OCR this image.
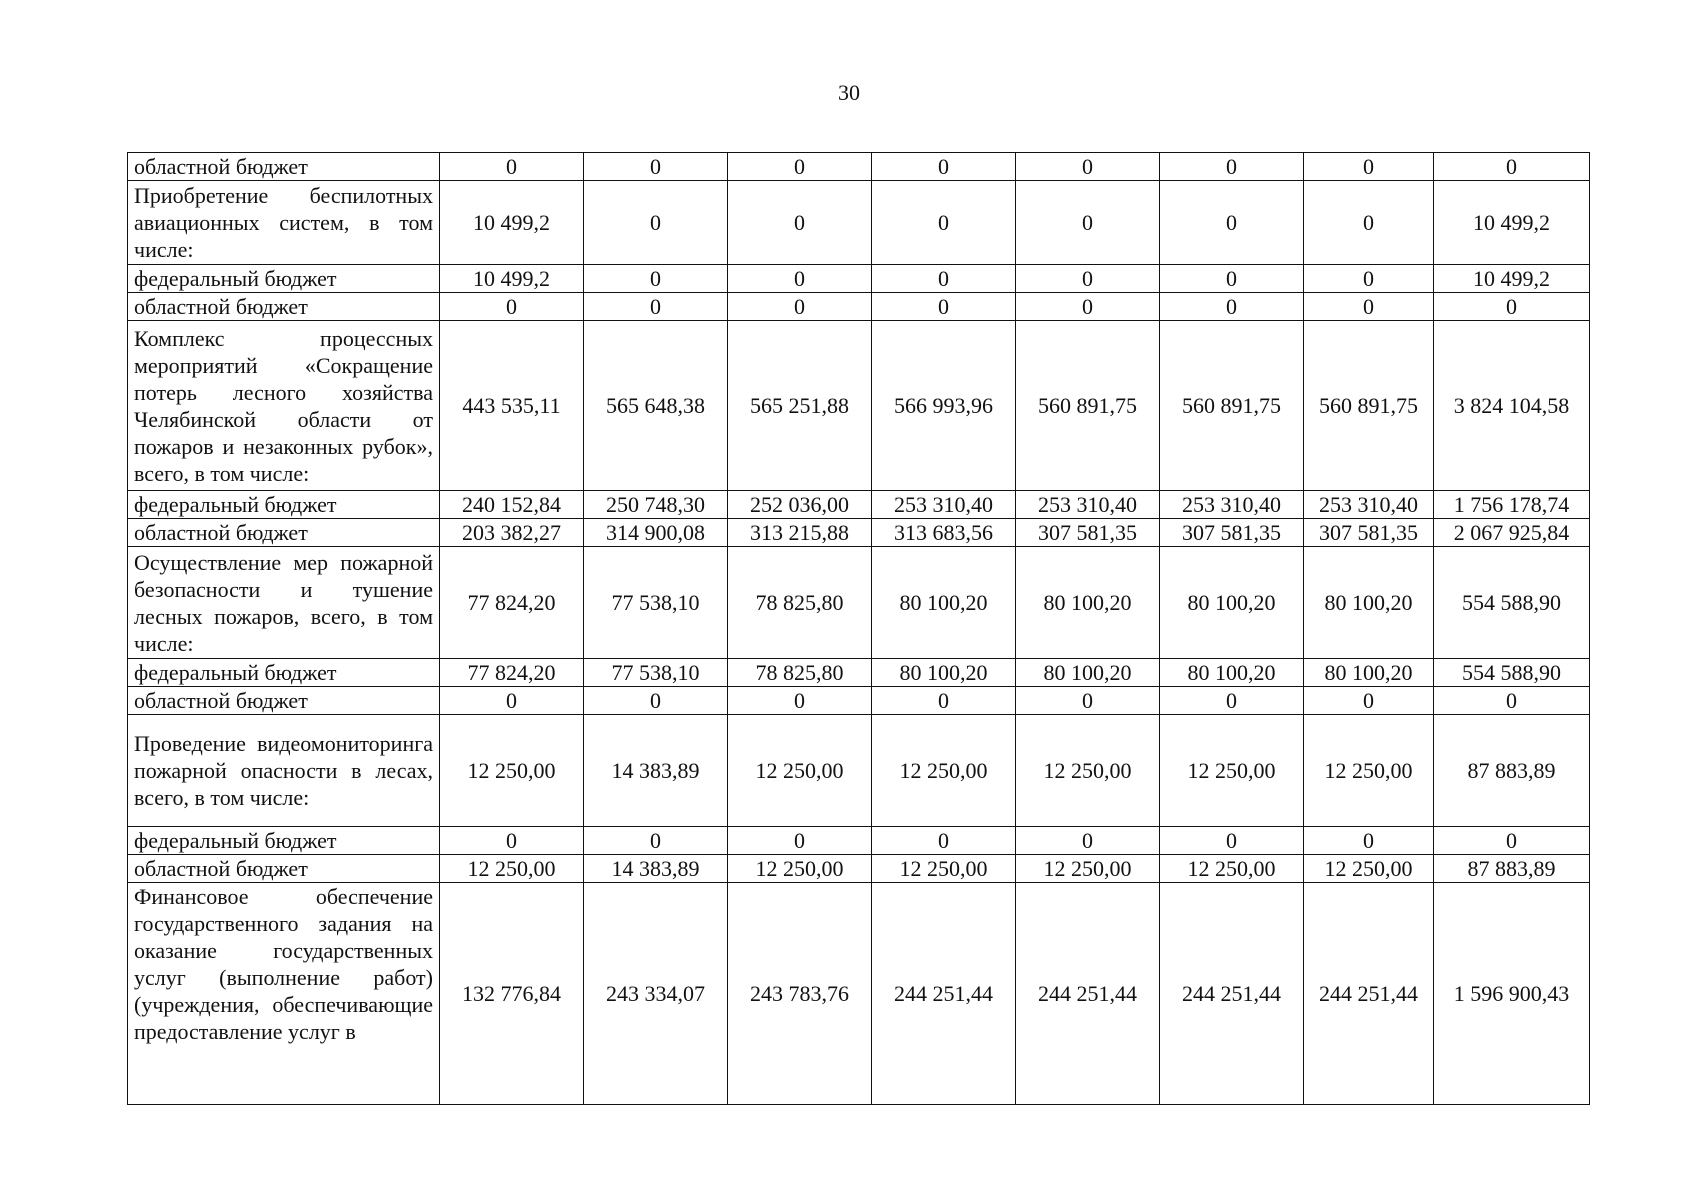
30
областной бюджет	0	0	0	0	0	0	0	0
Приобретение беспилотных авиационных систем, в том числе:	10 499,2	0	0	0	0	0	0	10 499,2
федеральный бюджет	10 499,2	0	0	0	0	0	0	10 499,2
областной бюджет	0	0	0	0	0	0	0	0
Комплекс процессных мероприятий «Сокращение потерь лесного хозяйства Челябинской области от пожаров и незаконных рубок», всего, в том числе:	443 535,11	565 648,38	565 251,88	566 993,96	560 891,75	560 891,75	560 891,75	3 824 104,58
федеральный бюджет	240 152,84	250 748,30	252 036,00	253 310,40	253 310,40	253 310,40	253 310,40	1 756 178,74
областной бюджет	203 382,27	314 900,08	313 215,88	313 683,56	307 581,35	307 581,35	307 581,35	2 067 925,84
Осуществление мер пожарной безопасности и тушение лесных пожаров, всего, в том числе:	77 824,20	77 538,10	78 825,80	80 100,20	80 100,20	80 100,20	80 100,20	554 588,90
федеральный бюджет	77 824,20	77 538,10	78 825,80	80 100,20	80 100,20	80 100,20	80 100,20	554 588,90
областной бюджет	0	0	0	0	0	0	0	0
Проведение видеомониторинга пожарной опасности в лесах, всего, в том числе:	12 250,00	14 383,89	12 250,00	12 250,00	12 250,00	12 250,00	12 250,00	87 883,89
федеральный бюджет	0	0	0	0	0	0	0	0
областной бюджет	12 250,00	14 383,89	12 250,00	12 250,00	12 250,00	12 250,00	12 250,00	87 883,89

Финансовое обеспечение государственного задания на оказание государственных услуг (выполнение работ) (учреждения, обеспечивающие предоставление услуг в	132 776,84	243 334,07	243 783,76	244 251,44	244 251,44	244 251,44	244 251,44	1 596 900,43
